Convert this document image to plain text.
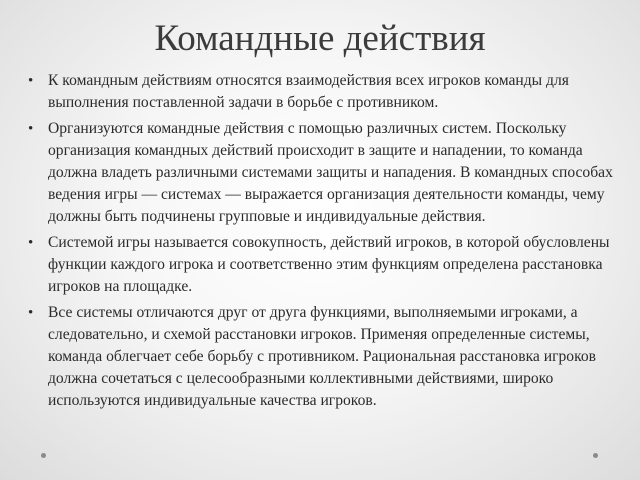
Командные действия
• К командным действиям относятся взаимодействия всех игроков команды для выполнения поставленной задачи в борьбе с противником.
• Организуются командные действия с помощью различных систем. Поскольку организация командных действий происходит в защите и нападении, то команда должна владеть различными системами защиты и нападения. В командных способах ведения игры — системах — выражается организация деятельности команды, чему должны быть подчинены групповые и индивидуальные действия.
• Системой игры называется совокупность, действий игроков, в которой обусловлены функции каждого игрока и соответственно этим функциям определена расстановка игроков на площадке.
• Все системы отличаются друг от друга функциями, выполняемыми игроками, а следовательно, и схемой расстановки игроков. Применяя определенные системы, команда облегчает себе борьбу с противником. Рациональная расстановка игроков должна сочетаться с целесообразными коллективными действиями, широко используются индивидуальные качества игроков.
